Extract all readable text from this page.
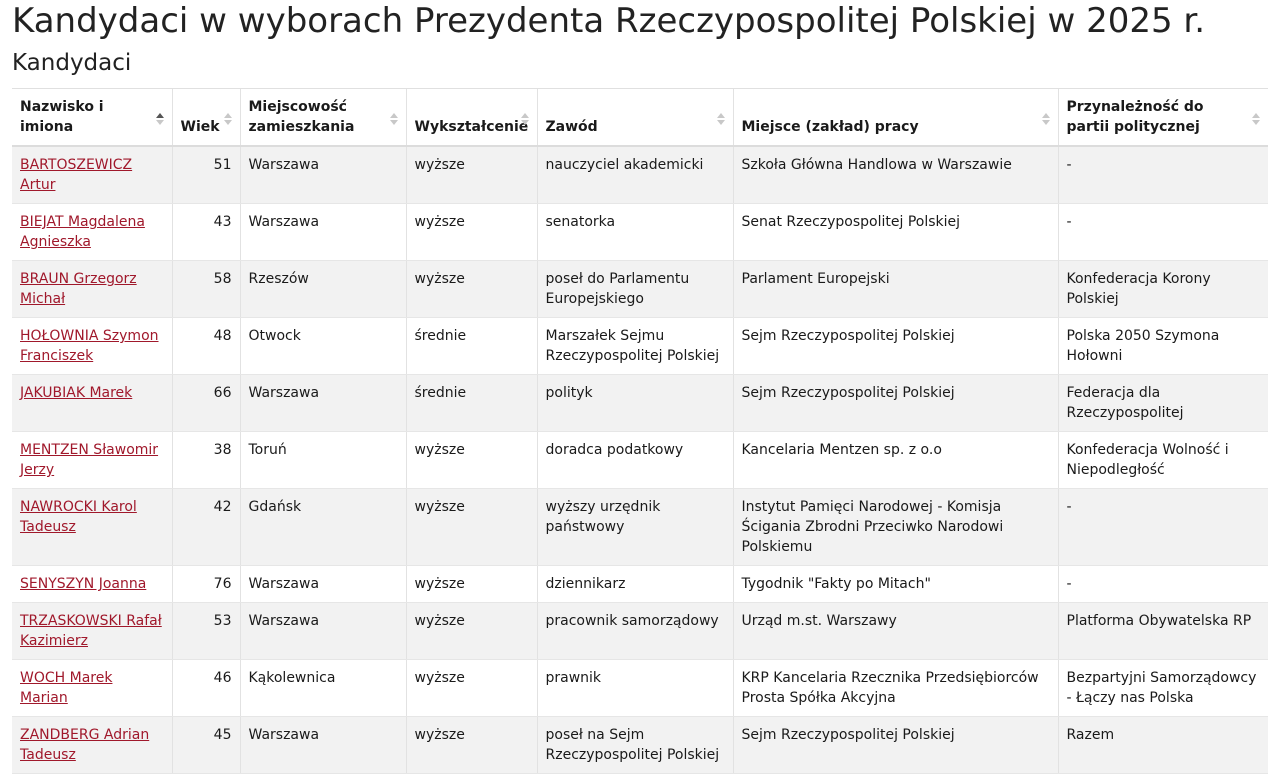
Kandydaci w wyborach Prezydenta Rzeczypospolitej Polskiej w 2025 r.
Kandydaci
Nazwisko i imiona	Wiek	Miejscowość zamieszkania	Wykształcenie	Zawód	Miejsce (zakład) pracy	Przynależność do partii politycznej

BARTOSZEWICZ Artur	51	Warszawa	wyższe	nauczyciel akademicki	Szkoła Główna Handlowa w Warszawie	-
BIEJAT Magdalena Agnieszka	43	Warszawa	wyższe	senatorka	Senat Rzeczypospolitej Polskiej	-
BRAUN Grzegorz Michał	58	Rzeszów	wyższe	poseł do Parlamentu Europejskiego	Parlament Europejski	Konfederacja Korony Polskiej
HOŁOWNIA Szymon Franciszek	48	Otwock	średnie	Marszałek Sejmu Rzeczypospolitej Polskiej	Sejm Rzeczypospolitej Polskiej	Polska 2050 Szymona Hołowni
JAKUBIAK Marek	66	Warszawa	średnie	polityk	Sejm Rzeczypospolitej Polskiej	Federacja dla Rzeczypospolitej
MENTZEN Sławomir Jerzy	38	Toruń	wyższe	doradca podatkowy	Kancelaria Mentzen sp. z o.o	Konfederacja Wolność i Niepodległość
NAWROCKI Karol Tadeusz	42	Gdańsk	wyższe	wyższy urzędnik państwowy	Instytut Pamięci Narodowej - Komisja Ścigania Zbrodni Przeciwko Narodowi Polskiemu	-
SENYSZYN Joanna	76	Warszawa	wyższe	dziennikarz	Tygodnik "Fakty po Mitach"	-
TRZASKOWSKI Rafał Kazimierz	53	Warszawa	wyższe	pracownik samorządowy	Urząd m.st. Warszawy	Platforma Obywatelska RP
WOCH Marek Marian	46	Kąkolewnica	wyższe	prawnik	KRP Kancelaria Rzecznika Przedsiębiorców Prosta Spółka Akcyjna	Bezpartyjni Samorządowcy - Łączy nas Polska
ZANDBERG Adrian Tadeusz	45	Warszawa	wyższe	poseł na Sejm Rzeczypospolitej Polskiej	Sejm Rzeczypospolitej Polskiej	Razem
